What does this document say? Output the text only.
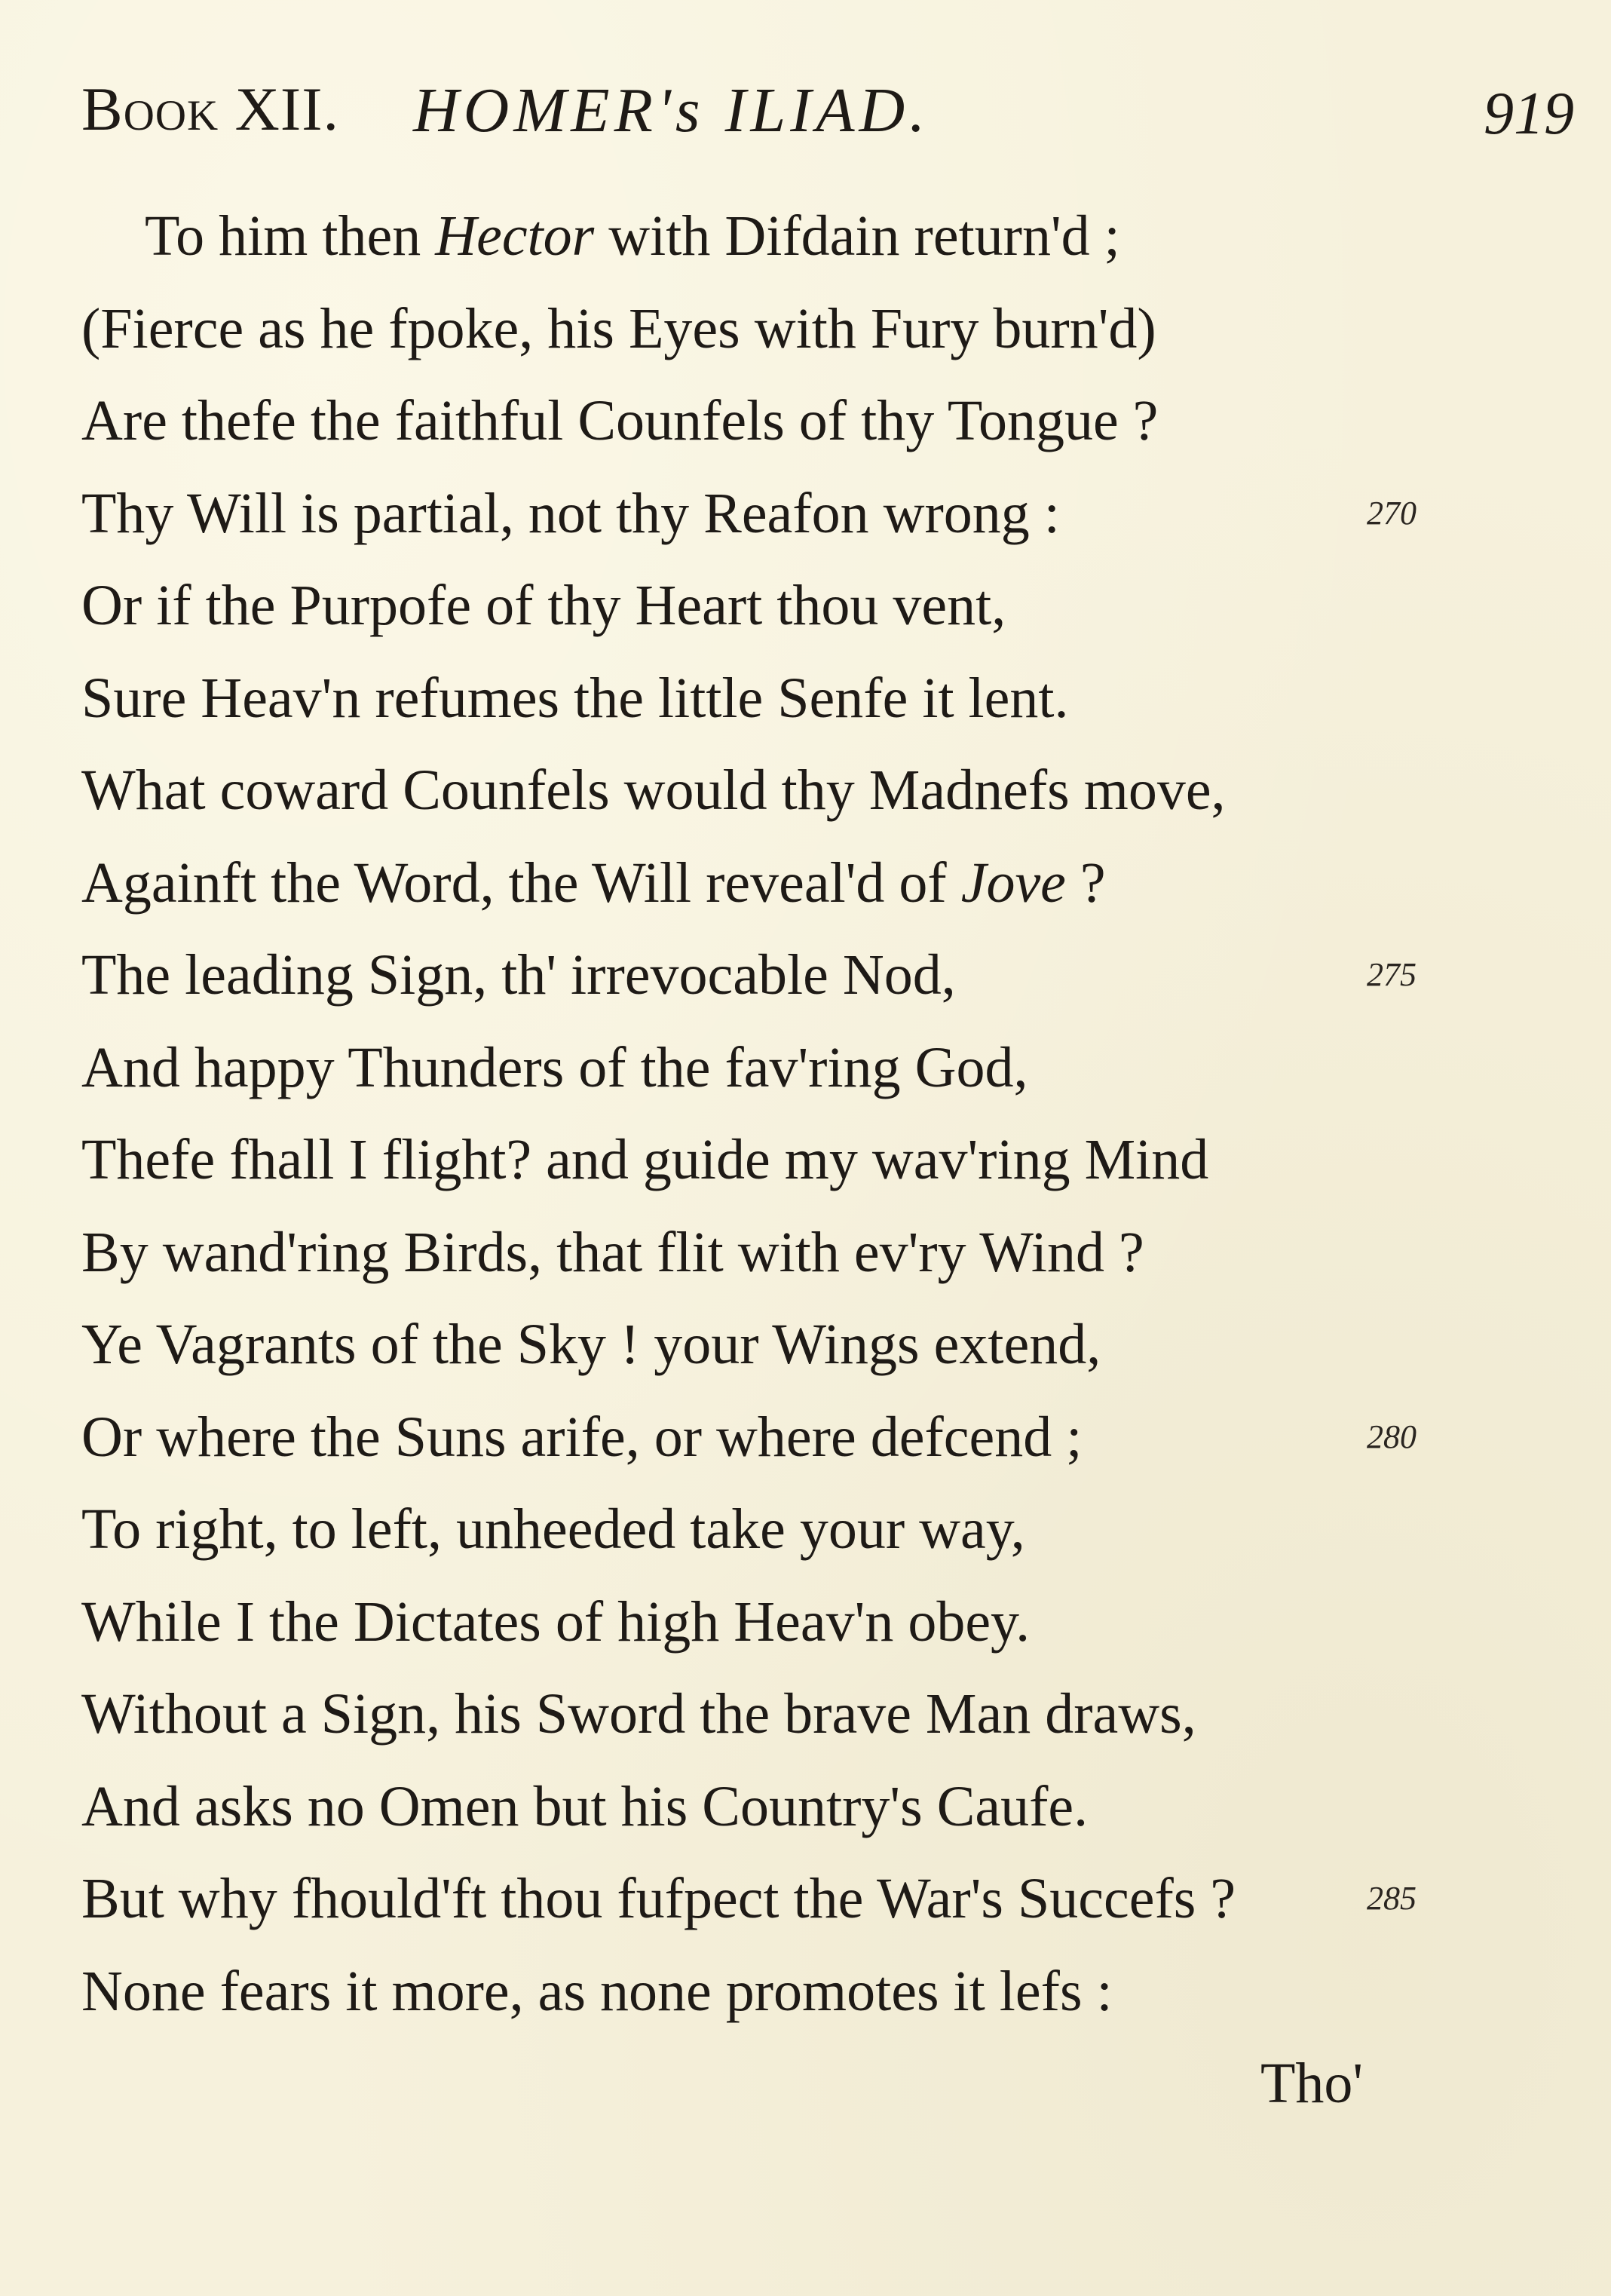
Book XII. HOMER's ILIAD.	919
To him then Hector with Difdain return'd ;
(Fierce as he fpoke, his Eyes with Fury burn'd)
Are thefe the faithful Counfels of thy Tongue ?
Thy Will is partial, not thy Reafon wrong :	270
Or if the Purpofe of thy Heart thou vent,
Sure Heav'n refumes the little Senfe it lent.
What coward Counfels would thy Madnefs move,
Againft the Word, the Will reveal'd of Jove ?
The leading Sign, th' irrevocable Nod,	275
And happy Thunders of the fav'ring God,
Thefe fhall I flight? and guide my wav'ring Mind
By wand'ring Birds, that flit with ev'ry Wind ?
Ye Vagrants of the Sky ! your Wings extend,
Or where the Suns arife, or where defcend ;	280
To right, to left, unheeded take your way,
While I the Dictates of high Heav'n obey.
Without a Sign, his Sword the brave Man draws,
And asks no Omen but his Country's Caufe.
But why fhould'ft thou fufpect the War's Succefs ?	285
None fears it more, as none promotes it lefs :
Tho'
